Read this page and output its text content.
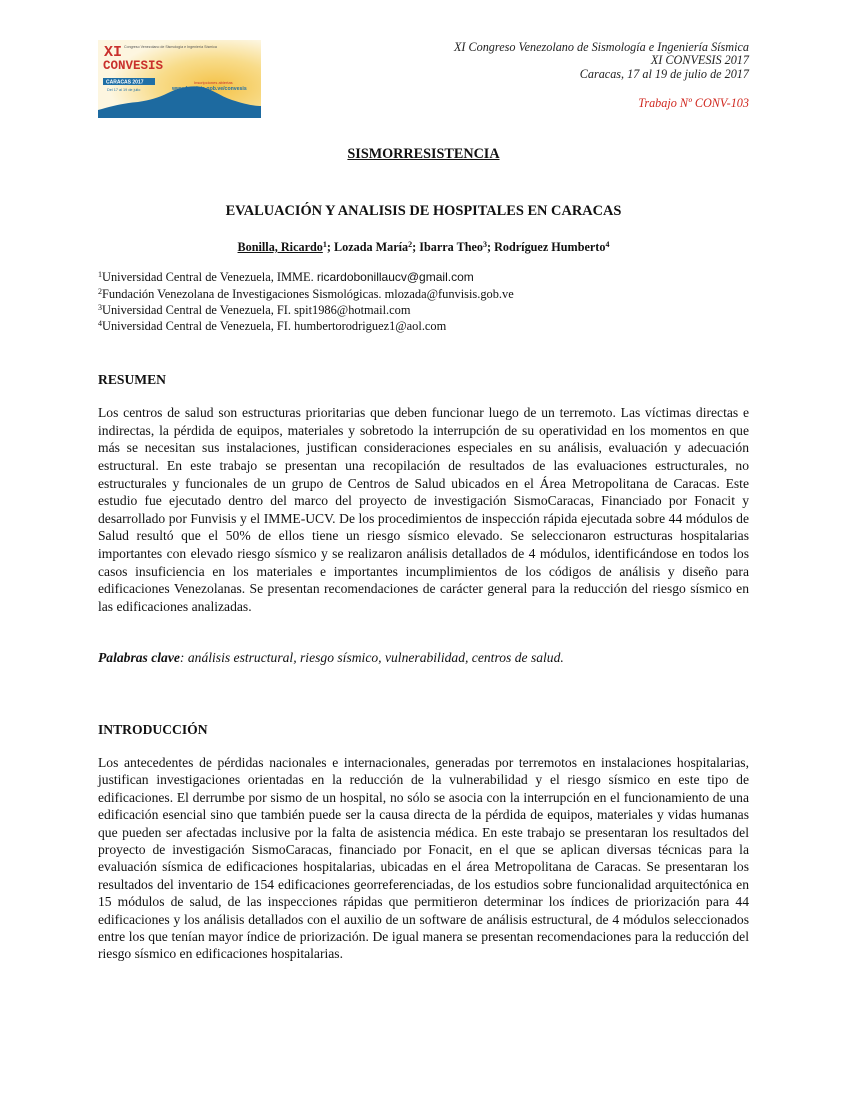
XI Congreso Venezolano de Sismología e Ingeniería Sísmica
CONVESIS
CARACAS 2017
Del 17 al 19 de julio
Inscripciones abiertas
www.funvisis.gob.ve/convesis
XI Congreso Venezolano de Sismología e Ingeniería Sísmica
XI CONVESIS 2017
Caracas, 17 al 19 de julio de 2017
Trabajo Nº CONV-103
SISMORRESISTENCIA
EVALUACIÓN Y ANALISIS DE HOSPITALES EN CARACAS
Bonilla, Ricardo$^1$; Lozada María$^2$; Ibarra Theo$^3$; Rodríguez Humberto$^4$
$^1$Universidad Central de Venezuela, IMME. ricardobonillaucv@gmail.com
$^2$Fundación Venezolana de Investigaciones Sismológicas. mlozada@funvisis.gob.ve
$^3$Universidad Central de Venezuela, FI. spit1986@hotmail.com
$^4$Universidad Central de Venezuela, FI. humbertorodriguez1@aol.com
RESUMEN

Los centros de salud son estructuras prioritarias que deben funcionar luego de un terremoto. Las víctimas directas e indirectas, la pérdida de equipos, materiales y sobretodo la interrupción de su operatividad en los momentos en que más se necesitan sus instalaciones, justifican consideraciones especiales en su análisis, evaluación y adecuación estructural. En este trabajo se presentan una recopilación de resultados de las evaluaciones estructurales, no estructurales y funcionales de un grupo de Centros de Salud ubicados en el Área Metropolitana de Caracas. Este estudio fue ejecutado dentro del marco del proyecto de investigación SismoCaracas, Financiado por Fonacit y desarrollado por Funvisis y el IMME-UCV. De los procedimientos de inspección rápida ejecutada sobre 44 módulos de Salud resultó que el 50% de ellos tiene un riesgo sísmico elevado. Se seleccionaron estructuras hospitalarias importantes con elevado riesgo sísmico y se realizaron análisis detallados de 4 módulos, identificándose en todos los casos insuficiencia en los materiales e importantes incumplimientos de los códigos de análisis y diseño para edificaciones Venezolanas. Se presentan recomendaciones de carácter general para la reducción del riesgo sísmico en las edificaciones analizadas.

Palabras clave: análisis estructural, riesgo sísmico, vulnerabilidad, centros de salud.
INTRODUCCIÓN

Los antecedentes de pérdidas nacionales e internacionales, generadas por terremotos en instalaciones hospitalarias, justifican investigaciones orientadas en la reducción de la vulnerabilidad y el riesgo sísmico en este tipo de edificaciones. El derrumbe por sismo de un hospital, no sólo se asocia con la interrupción en el funcionamiento de una edificación esencial sino que también puede ser la causa directa de la pérdida de equipos, materiales y vidas humanas que pueden ser afectadas inclusive por la falta de asistencia médica. En este trabajo se presentaran los resultados del proyecto de investigación SismoCaracas, financiado por Fonacit, en el que se aplican diversas técnicas para la evaluación sísmica de edificaciones hospitalarias, ubicadas en el área Metropolitana de Caracas. Se presentaran los resultados del inventario de 154 edificaciones georreferenciadas, de los estudios sobre funcionalidad arquitectónica en 15 módulos de salud, de las inspecciones rápidas que permitieron determinar los índices de priorización para 44 edificaciones y los análisis detallados con el auxilio de un software de análisis estructural, de 4 módulos seleccionados entre los que tenían mayor índice de priorización. De igual manera se presentan recomendaciones para la reducción del riesgo sísmico en edificaciones hospitalarias.
